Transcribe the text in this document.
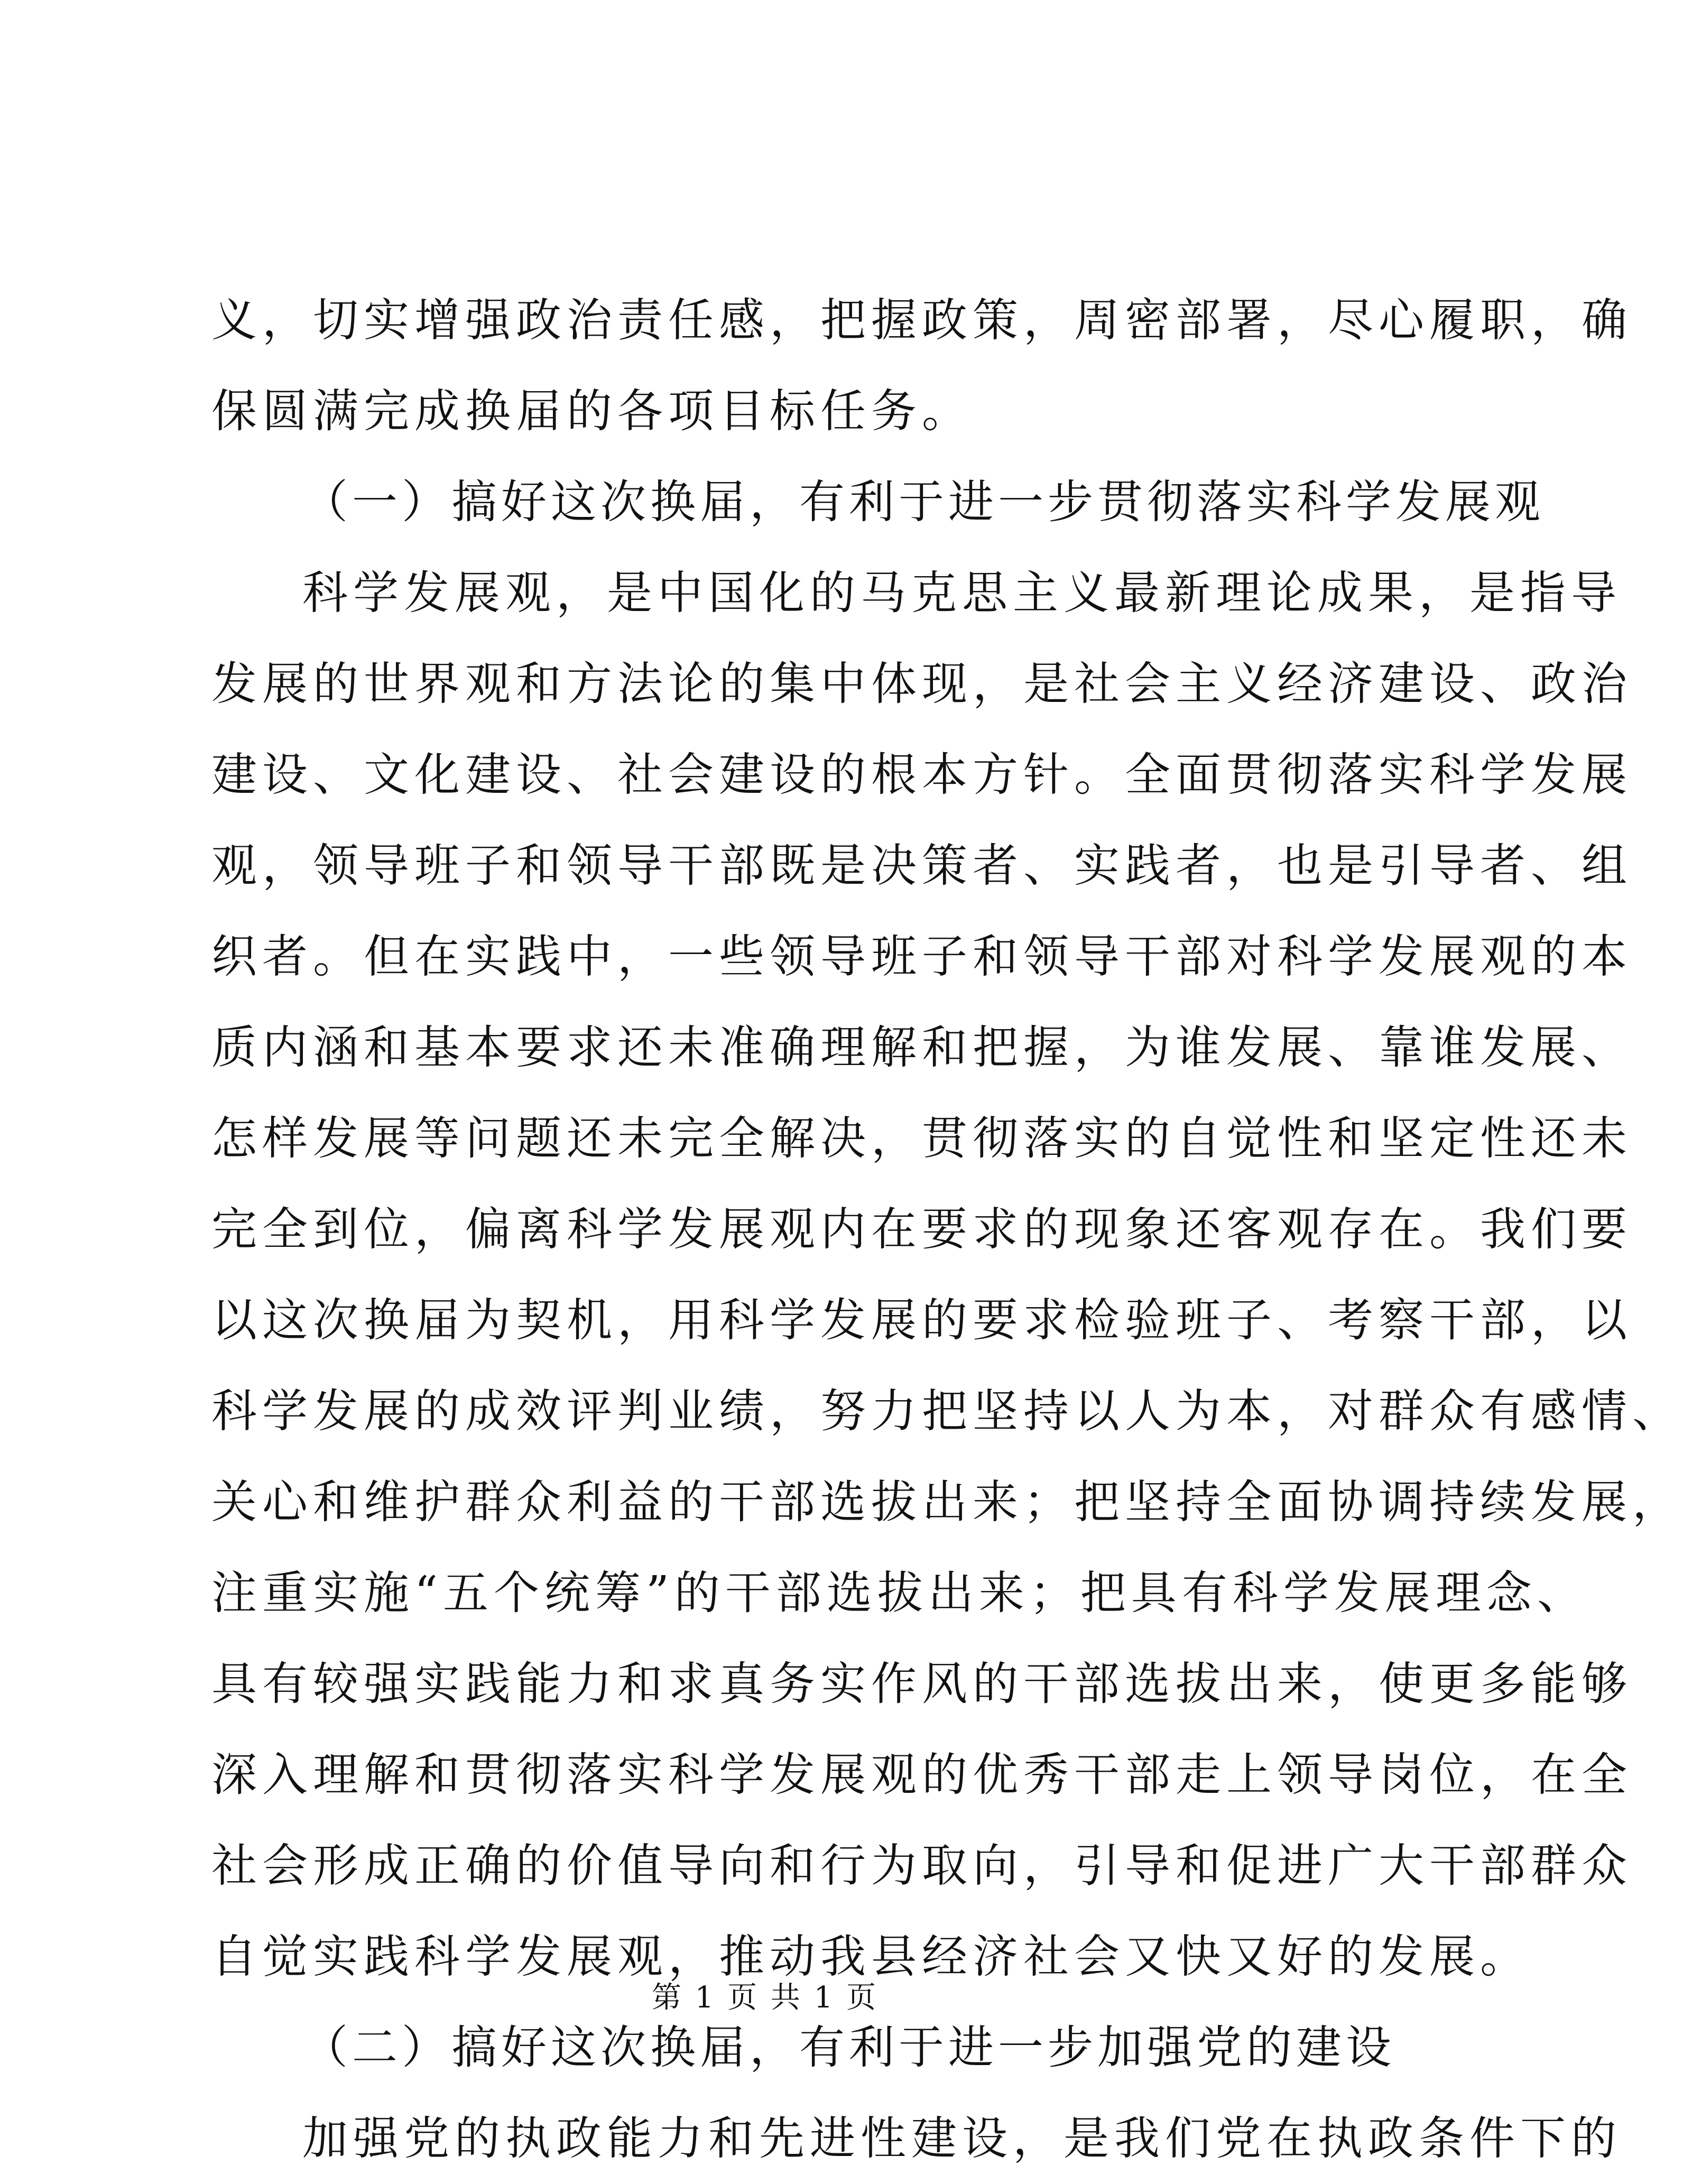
义，切实增强政治责任感，把握政策，周密部署，尽心履职，确
保圆满完成换届的各项目标任务。
（一）搞好这次换届，有利于进一步贯彻落实科学发展观
科学发展观，是中国化的马克思主义最新理论成果，是指导
发展的世界观和方法论的集中体现，是社会主义经济建设、政治
建设、文化建设、社会建设的根本方针。全面贯彻落实科学发展
观，领导班子和领导干部既是决策者、实践者，也是引导者、组
织者。但在实践中，一些领导班子和领导干部对科学发展观的本
质内涵和基本要求还未准确理解和把握，为谁发展、靠谁发展、
怎样发展等问题还未完全解决，贯彻落实的自觉性和坚定性还未
完全到位，偏离科学发展观内在要求的现象还客观存在。我们要
以这次换届为契机，用科学发展的要求检验班子、考察干部，以
科学发展的成效评判业绩，努力把坚持以人为本，对群众有感情、
关心和维护群众利益的干部选拔出来；把坚持全面协调持续发展，
注重实施“五个统筹”的干部选拔出来；把具有科学发展理念、
具有较强实践能力和求真务实作风的干部选拔出来，使更多能够
深入理解和贯彻落实科学发展观的优秀干部走上领导岗位，在全
社会形成正确的价值导向和行为取向，引导和促进广大干部群众
自觉实践科学发展观，推动我县经济社会又快又好的发展。
（二）搞好这次换届，有利于进一步加强党的建设
加强党的执政能力和先进性建设，是我们党在执政条件下的
第 1 页 共 1 页
